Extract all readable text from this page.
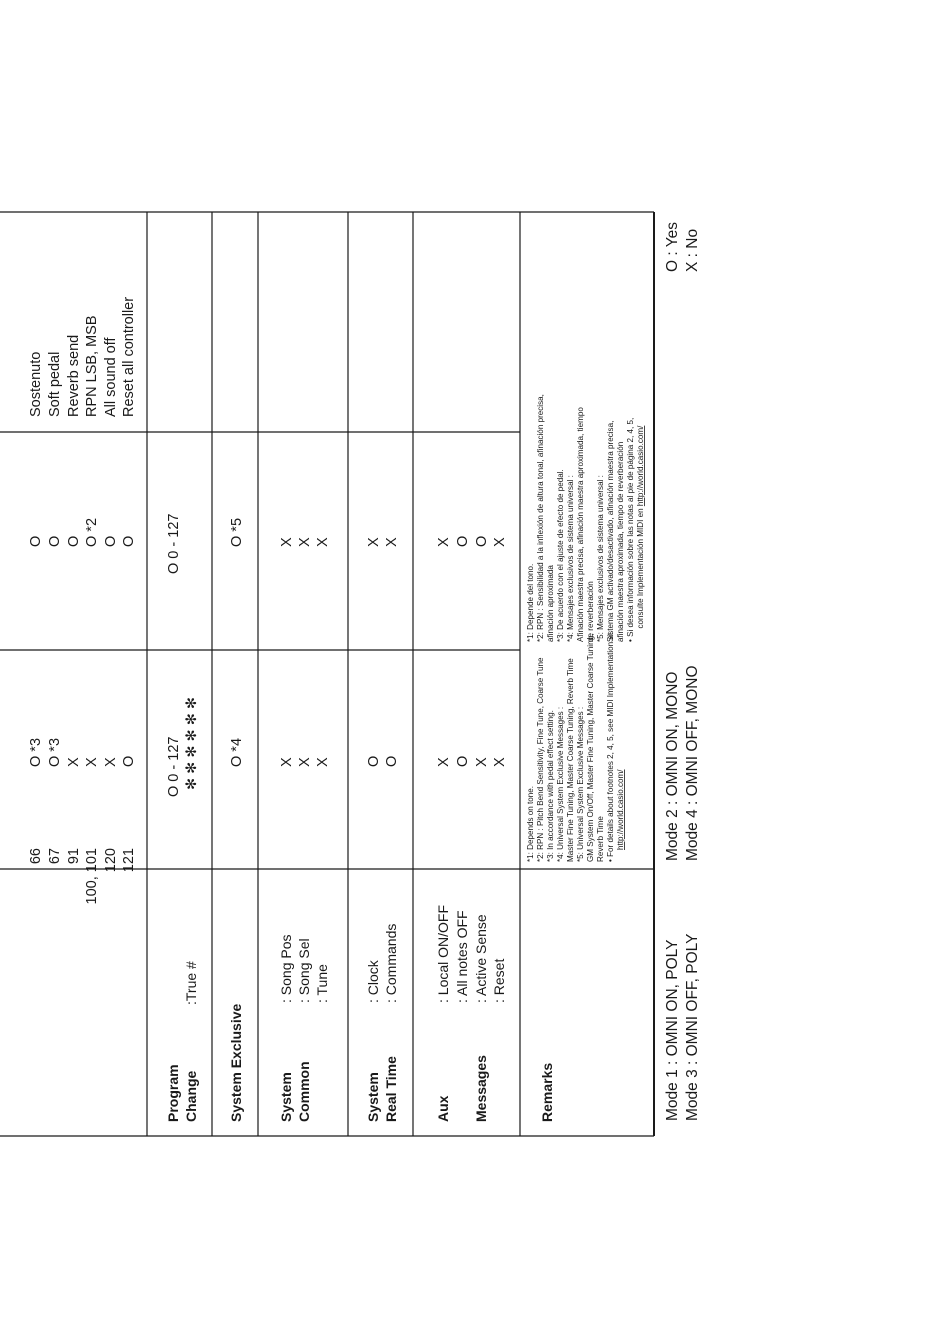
66 67 91 100, 101 120 121
O *3 O *3 X X X O
O O O O *2 O O
Sostenuto Soft pedal Reverb send RPN LSB, MSB All sound off Reset all controller
Program Change
:True #
O 0 - 127 ✻ ✻ ✻ ✻ ✻ ✻
O 0 - 127
System Exclusive
O *4
O *5
System Common
: Song Pos : Song Sel : Tune
X X X
X X X
System Real Time
: Clock : Commands
O O
X X
Aux Messages
: Local ON/OFF : All notes OFF : Active Sense : Reset
X O X X
X O O X
Remarks
*1: Depends on tone. *2: RPN : Pitch Bend Sensitivity, Fine Tune, Coarse Tune *3: In accordance with pedal effect setting. *4: Universal System Exclusive Messages : Master Fine Tuning, Master Coarse Tuning, Reverb Time *5: Universal System Exclusive Messages : GM System On/Off, Master Fine Tuning, Master Coarse Tuning, Reverb Time • For details about footnotes 2, 4, 5, see MIDI Implementation at http://world.casio.com/
*1: Depende del tono. *2: RPN : Sensibilidad a la inflexión de altura tonal, afinación precisa, afinación aproximada *3: De acuerdo con el ajuste de efecto de pedal. *4: Mensajes exclusivos de sistema universal : Afinación maestra precisa, afinación maestra aproximada, tiempo de reverberación *5: Mensajes exclusivos de sistema universal : Sistema GM activado/desactivado, afinación maestra precisa, afinación maestra aproximada, tiempo de reverberación • Si desea información sobre las notas al pie de página 2, 4, 5, consulte Implementación MIDI en http://world.casio.com/
Mode 1 : OMNI ON, POLY Mode 3 : OMNI OFF, POLY
Mode 2 : OMNI ON, MONO Mode 4 : OMNI OFF, MONO
O : Yes X : No
